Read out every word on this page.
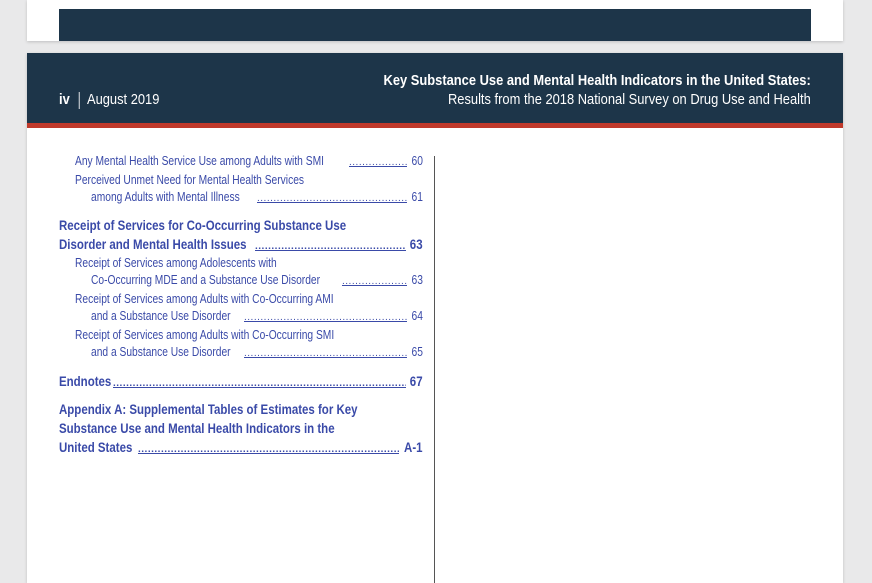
iv August 2019
Key Substance Use and Mental Health Indicators in the United States:
Results from the 2018 National Survey on Drug Use and Health
Any Mental Health Service Use among Adults with SMI .....	60
Perceived Unmet Need for Mental Health Services
among Adults with Mental Illness .....	61
Receipt of Services for Co-Occurring Substance Use
Disorder and Mental Health Issues .....	63
Receipt of Services among Adolescents with
Co-Occurring MDE and a Substance Use Disorder .....	63
Receipt of Services among Adults with Co-Occurring AMI
and a Substance Use Disorder .....	64
Receipt of Services among Adults with Co-Occurring SMI
and a Substance Use Disorder .....	65
Endnotes .....	67
Appendix A: Supplemental Tables of Estimates for Key
Substance Use and Mental Health Indicators in the
United States .....	A-1
